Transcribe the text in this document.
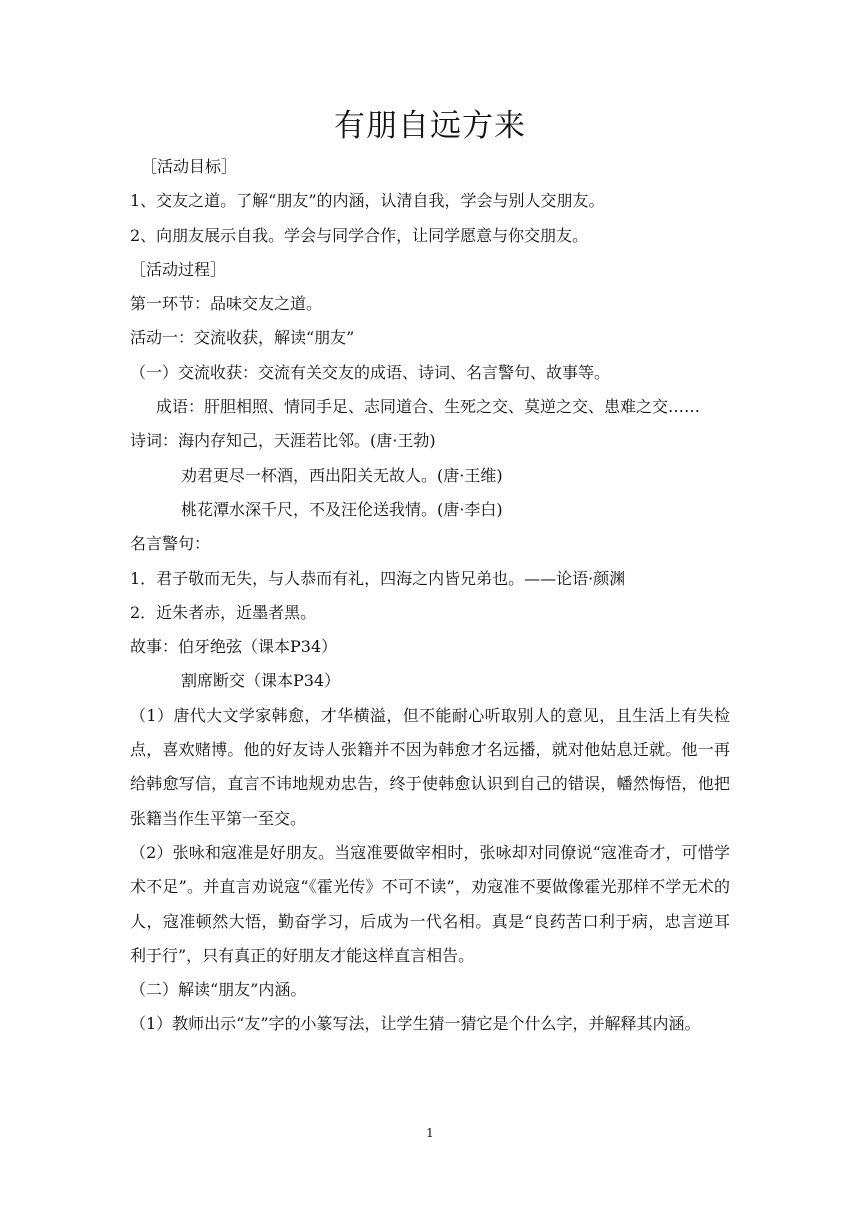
有朋自远方来

［活动目标］

1、交友之道。了解“朋友”的内涵，认清自我，学会与别人交朋友。

2、向朋友展示自我。学会与同学合作，让同学愿意与你交朋友。

［活动过程］

第一环节：品味交友之道。

活动一：交流收获，解读“朋友”

（一）交流收获：交流有关交友的成语、诗词、名言警句、故事等。

成语：肝胆相照、情同手足、志同道合、生死之交、莫逆之交、患难之交……

诗词：海内存知己，天涯若比邻。(唐·王勃)

劝君更尽一杯酒，西出阳关无故人。(唐·王维)

桃花潭水深千尺，不及汪伦送我情。(唐·李白)

名言警句：

1．君子敬而无失，与人恭而有礼，四海之内皆兄弟也。——论语·颜渊

2．近朱者赤，近墨者黑。

故事：伯牙绝弦（课本P34）

割席断交（课本P34）

（1）唐代大文学家韩愈，才华横溢，但不能耐心听取别人的意见，且生活上有失检点，喜欢赌博。他的好友诗人张籍并不因为韩愈才名远播，就对他姑息迁就。他一再给韩愈写信，直言不讳地规劝忠告，终于使韩愈认识到自己的错误，幡然悔悟，他把张籍当作生平第一至交。

（2）张咏和寇准是好朋友。当寇准要做宰相时，张咏却对同僚说“寇准奇才，可惜学术不足”。并直言劝说寇“《霍光传》不可不读”，劝寇准不要做像霍光那样不学无术的人，寇准顿然大悟，勤奋学习，后成为一代名相。真是“良药苦口利于病，忠言逆耳利于行”，只有真正的好朋友才能这样直言相告。

（二）解读“朋友”内涵。

（1）教师出示“友”字的小篆写法，让学生猜一猜它是个什么字，并解释其内涵。

1
